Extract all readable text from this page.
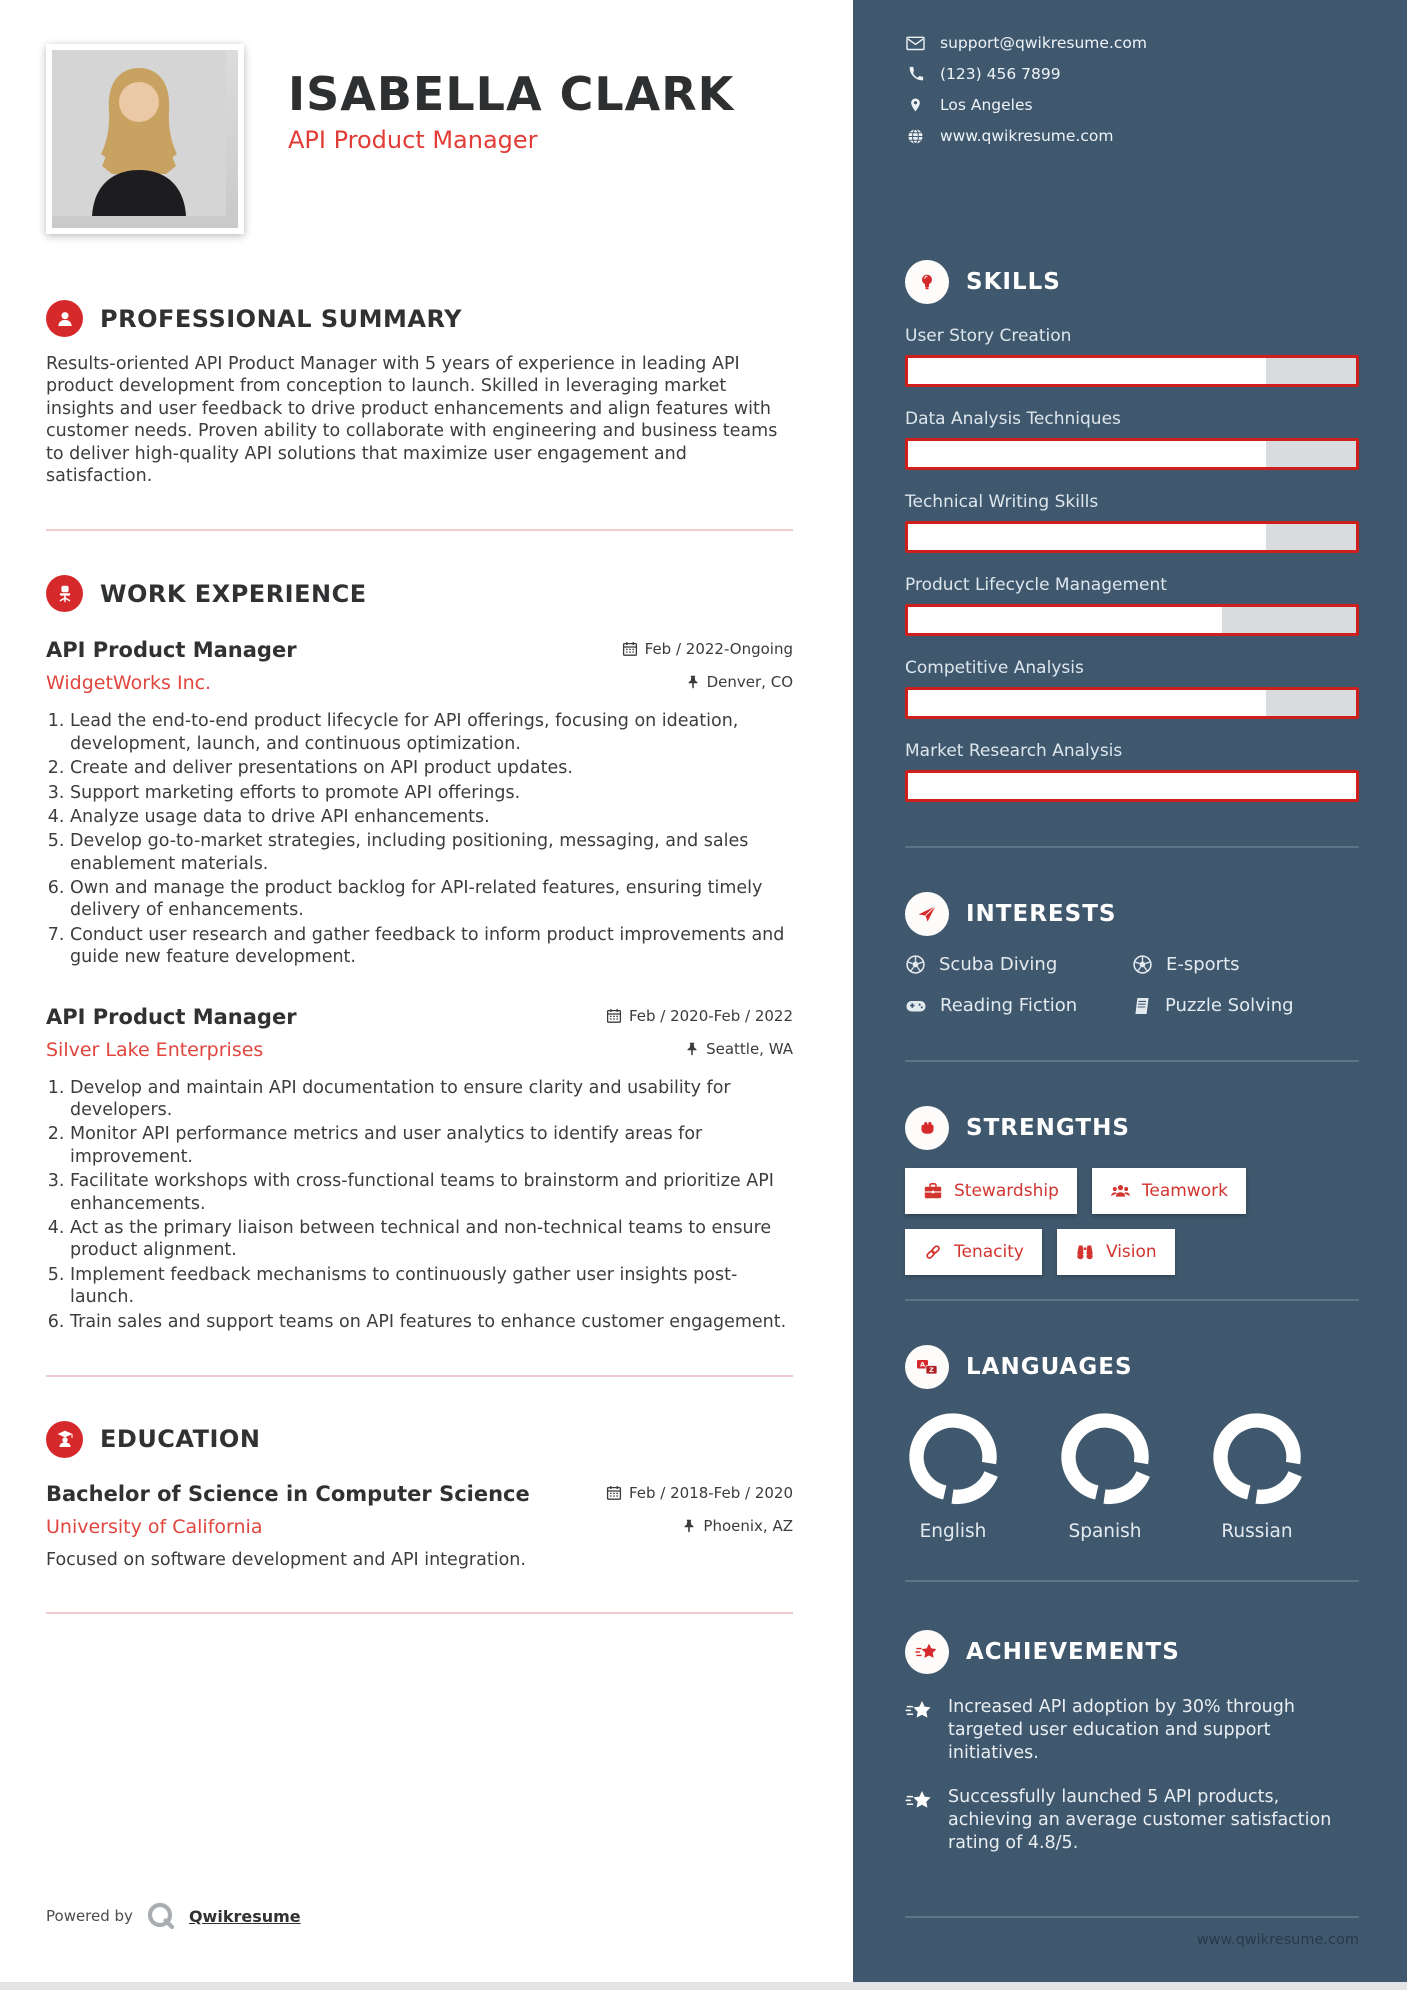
ISABELLA CLARK
API Product Manager
PROFESSIONAL SUMMARY

Results-oriented API Product Manager with 5 years of experience in leading API product development from conception to launch. Skilled in leveraging market insights and user feedback to drive product enhancements and align features with customer needs. Proven ability to collaborate with engineering and business teams to deliver high-quality API solutions that maximize user engagement and satisfaction.

WORK EXPERIENCE
API Product Manager	Feb / 2022-Ongoing
WidgetWorks Inc.	Denver, CO
1. Lead the end-to-end product lifecycle for API offerings, focusing on ideation, development, launch, and continuous optimization.
2. Create and deliver presentations on API product updates.
3. Support marketing efforts to promote API offerings.
4. Analyze usage data to drive API enhancements.
5. Develop go-to-market strategies, including positioning, messaging, and sales enablement materials.
6. Own and manage the product backlog for API-related features, ensuring timely delivery of enhancements.
7. Conduct user research and gather feedback to inform product improvements and guide new feature development.
API Product Manager	Feb / 2020-Feb / 2022
Silver Lake Enterprises	Seattle, WA
1. Develop and maintain API documentation to ensure clarity and usability for developers.
2. Monitor API performance metrics and user analytics to identify areas for improvement.
3. Facilitate workshops with cross-functional teams to brainstorm and prioritize API enhancements.
4. Act as the primary liaison between technical and non-technical teams to ensure product alignment.
5. Implement feedback mechanisms to continuously gather user insights post-launch.
6. Train sales and support teams on API features to enhance customer engagement.
EDUCATION
Bachelor of Science in Computer Science	Feb / 2018-Feb / 2020
University of California	Phoenix, AZ

Focused on software development and API integration.

Powered by	Qwikresume
support@qwikresume.com
(123) 456 7899
Los Angeles
www.qwikresume.com
SKILLS
User Story Creation
Data Analysis Techniques
Technical Writing Skills
Product Lifecycle Management
Competitive Analysis
Market Research Analysis
INTERESTS
Scuba Diving	E-sports
Reading Fiction	Puzzle Solving
STRENGTHS
Stewardship	Teamwork
Tenacity	Vision
A
Z LANGUAGES
English	Spanish	Russian
ACHIEVEMENTS
Increased API adoption by 30% through targeted user education and support initiatives.
Successfully launched 5 API products, achieving an average customer satisfaction rating of 4.8/5.
www.qwikresume.com
